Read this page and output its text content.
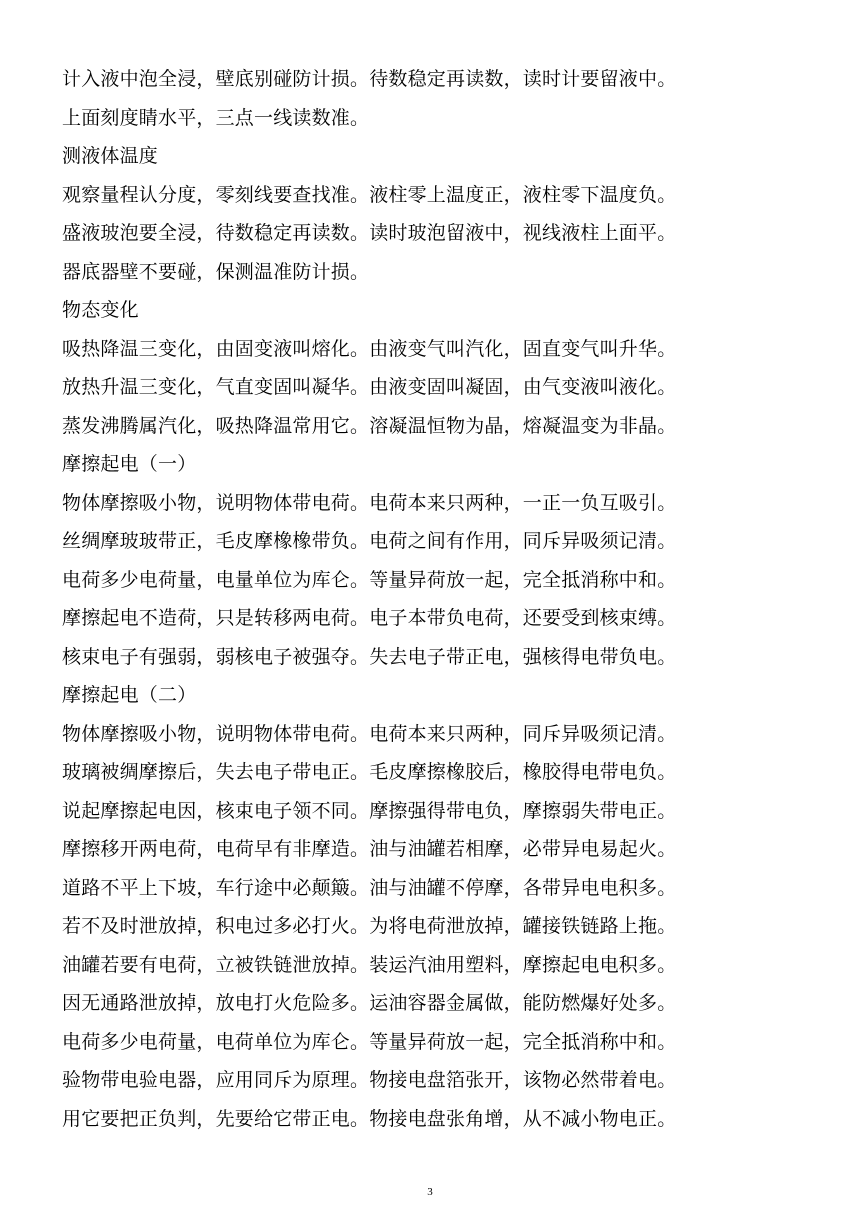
计入液中泡全浸，壁底别碰防计损。待数稳定再读数，读时计要留液中。
上面刻度睛水平，三点一线读数准。
测液体温度
观察量程认分度，零刻线要查找准。液柱零上温度正，液柱零下温度负。
盛液玻泡要全浸，待数稳定再读数。读时玻泡留液中，视线液柱上面平。
器底器壁不要碰，保测温准防计损。
物态变化
吸热降温三变化，由固变液叫熔化。由液变气叫汽化，固直变气叫升华。
放热升温三变化，气直变固叫凝华。由液变固叫凝固，由气变液叫液化。
蒸发沸腾属汽化，吸热降温常用它。溶凝温恒物为晶，熔凝温变为非晶。
摩擦起电（一）
物体摩擦吸小物，说明物体带电荷。电荷本来只两种，一正一负互吸引。
丝绸摩玻玻带正，毛皮摩橡橡带负。电荷之间有作用，同斥异吸须记清。
电荷多少电荷量，电量单位为库仑。等量异荷放一起，完全抵消称中和。
摩擦起电不造荷，只是转移两电荷。电子本带负电荷，还要受到核束缚。
核束电子有强弱，弱核电子被强夺。失去电子带正电，强核得电带负电。
摩擦起电（二）
物体摩擦吸小物，说明物体带电荷。电荷本来只两种，同斥异吸须记清。
玻璃被绸摩擦后，失去电子带电正。毛皮摩擦橡胶后，橡胶得电带电负。
说起摩擦起电因，核束电子领不同。摩擦强得带电负，摩擦弱失带电正。
摩擦移开两电荷，电荷早有非摩造。油与油罐若相摩，必带异电易起火。
道路不平上下坡，车行途中必颠簸。油与油罐不停摩，各带异电电积多。
若不及时泄放掉，积电过多必打火。为将电荷泄放掉，罐接铁链路上拖。
油罐若要有电荷，立被铁链泄放掉。装运汽油用塑料，摩擦起电电积多。
因无通路泄放掉，放电打火危险多。运油容器金属做，能防燃爆好处多。
电荷多少电荷量，电荷单位为库仑。等量异荷放一起，完全抵消称中和。
验物带电验电器，应用同斥为原理。物接电盘箔张开，该物必然带着电。
用它要把正负判，先要给它带正电。物接电盘张角增，从不减小物电正。
3
